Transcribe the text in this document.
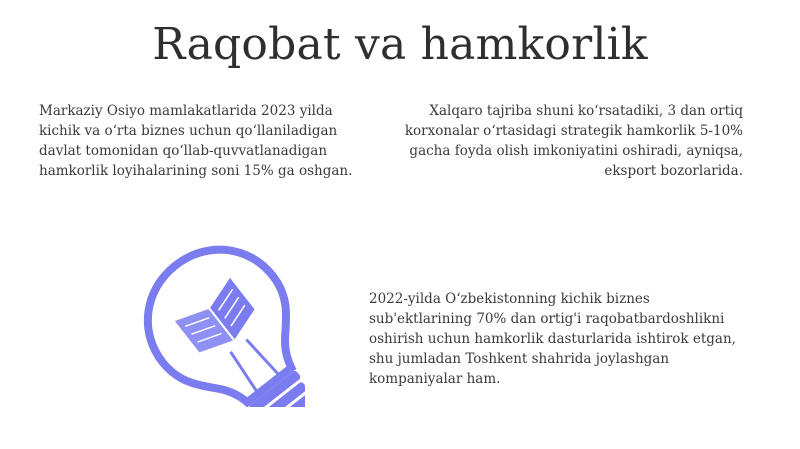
Raqobat va hamkorlik

Markaziy Osiyo mamlakatlarida 2023 yilda kichik va o‘rta biznes uchun qo‘llaniladigan davlat tomonidan qo‘llab-quvvatlanadigan hamkorlik loyihalarining soni 15% ga oshgan.

Xalqaro tajriba shuni ko‘rsatadiki, 3 dan ortiq korxonalar o‘rtasidagi strategik hamkorlik 5-10% gacha foyda olish imkoniyatini oshiradi, ayniqsa, eksport bozorlarida.

2022-yilda O‘zbekistonning kichik biznes sub'ektlarining 70% dan ortig'i raqobatbardoshlikni oshirish uchun hamkorlik dasturlarida ishtirok etgan, shu jumladan Toshkent shahrida joylashgan kompaniyalar ham.
